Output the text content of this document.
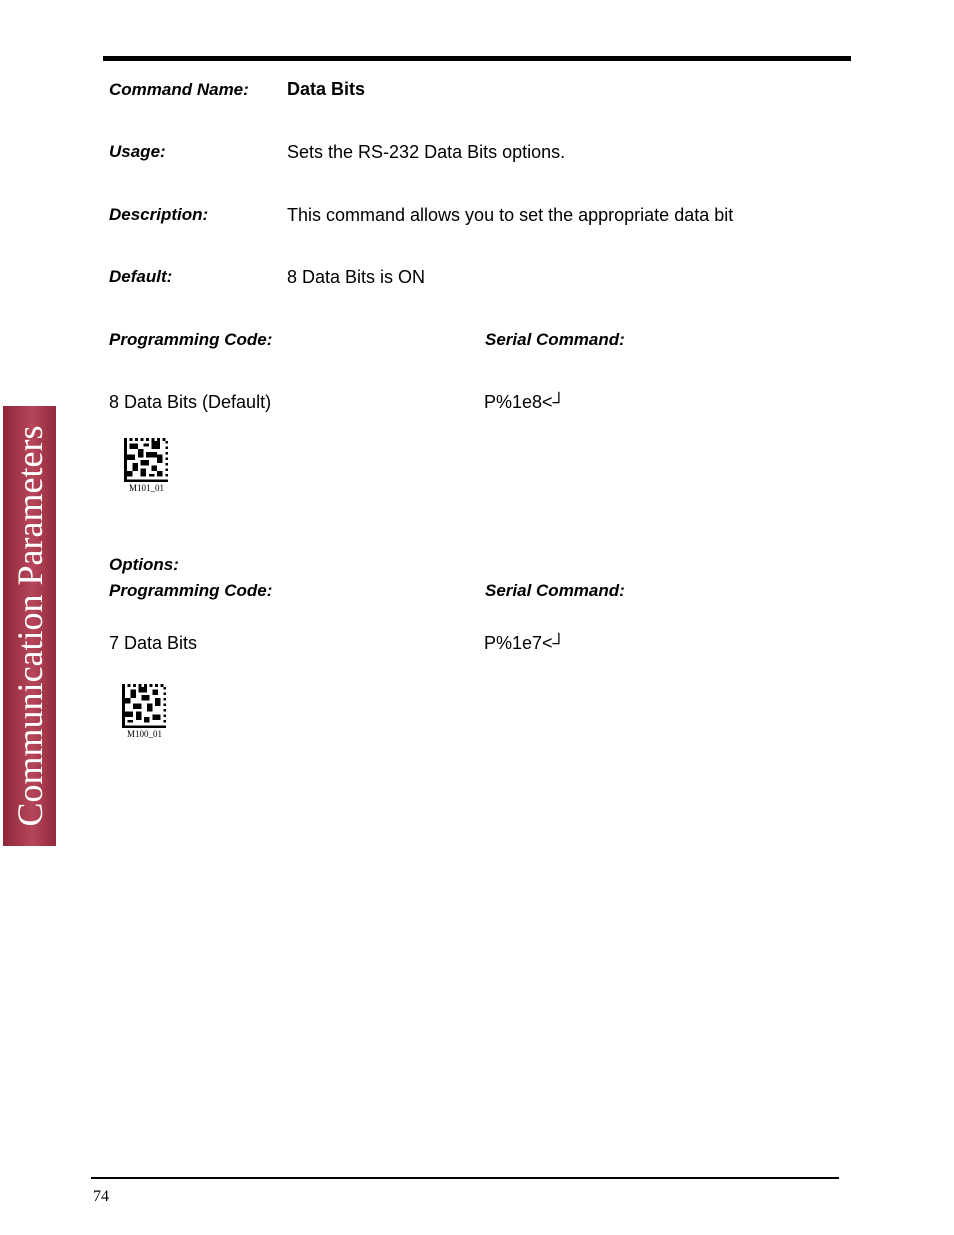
Communication Parameters
Command Name: Data Bits
Usage:	Sets the RS-232 Data Bits options.
Description:	This command allows you to set the appropriate data bit
Default:	8 Data Bits is ON
Programming Code:	Serial Command:
8 Data Bits (Default)	P%1e8<┘
M101_01
Options:
Programming Code:	Serial Command:
7 Data Bits	P%1e7<┘
M100_01
74
